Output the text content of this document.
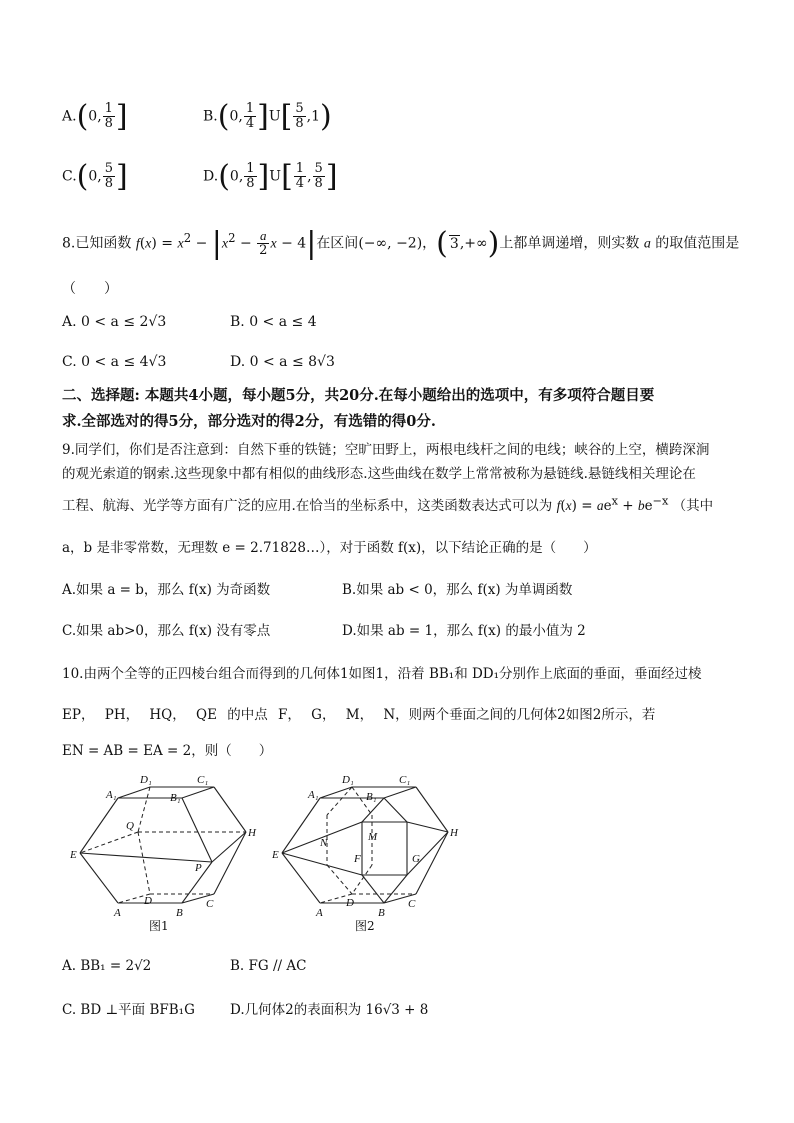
A.(0, $\frac{1}{8}$ ]	B.(0, $\frac{1}{4} ]U[ \frac{5}{8} ,1)$
C.(0, $\frac{5}{8}$ ]	D.(0, $\frac{1}{8} ]U[ \frac{1}{4}$ , $\frac{5}{8}$ ]
8.已知函数 $f(x) = x^2 - |x^2 - \frac{a}{2}$ x − 4|在区间(−∞, −2)，( 3,+∞)上都单调递增，则实数 a 的取值范围是
（　　）
A. 0 < a ≤ 2√3	B. 0 < a ≤ 4
C. 0 < a ≤ 4√3	D. 0 < a ≤ 8√3
二、选择题: 本题共4小题，每小题5分，共20分.在每小题给出的选项中，有多项符合题目要
求.全部选对的得5分，部分选对的得2分，有选错的得0分.
9.同学们，你们是否注意到：自然下垂的铁链；空旷田野上，两根电线杆之间的电线；峡谷的上空，横跨深涧
的观光索道的钢索.这些现象中都有相似的曲线形态.这些曲线在数学上常常被称为悬链线.悬链线相关理论在
工程、航海、光学等方面有广泛的应用.在恰当的坐标系中，这类函数表达式可以为 $f(x) = ae^x + be^{-x}$ （其中
a，b 是非零常数，无理数 e = 2.71828…），对于函数 f(x)，以下结论正确的是（　　）
A.如果 a = b，那么 f(x) 为奇函数	B.如果 ab < 0，那么 f(x) 为单调函数
C.如果 ab>0，那么 f(x) 没有零点	D.如果 ab = 1，那么 f(x) 的最小值为 2
10.由两个全等的正四棱台组合而得到的几何体1如图1，沿着 BB₁和 DD₁分别作上底面的垂面，垂面经过棱
EP， PH， HQ， QE 的中点 F， G， M， N，则两个垂面之间的几何体2如图2所示，若
EN = AB = EA = 2，则（　　）
A₁
D₁	C₁
B₁
Q
H
E
P
A
D
B
C
图1
A₁
D₁	C₁
B₁
M
N
H
E	F	G
A
D
B
C
图2
A. BB₁ = 2√2	B. FG // AC
C. BD ⊥平面 BFB₁G	D.几何体2的表面积为 16√3 + 8
